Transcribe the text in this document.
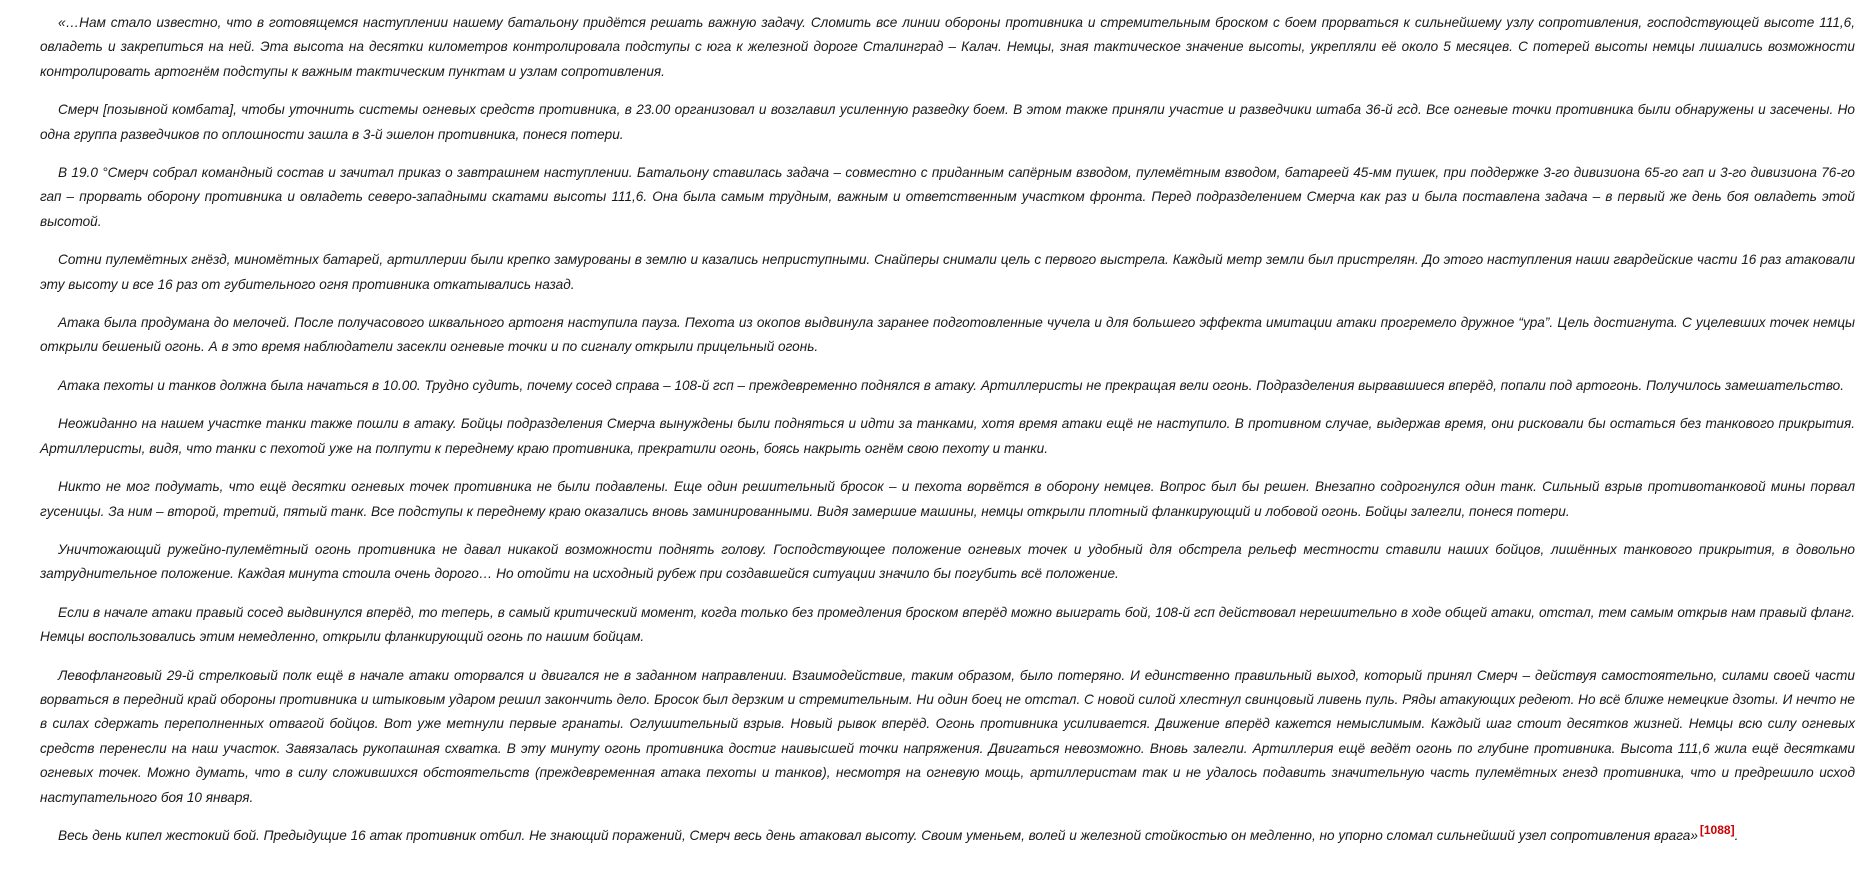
«…Нам стало известно, что в готовящемся наступлении нашему батальону придётся решать важную задачу. Сломить все линии обороны противника и стремительным броском с боем прорваться к сильнейшему узлу сопротивления, господствующей высоте 111,6, овладеть и закрепиться на ней. Эта высота на десятки километров контролировала подступы с юга к железной дороге Сталинград – Калач. Немцы, зная тактическое значение высоты, укрепляли её около 5 месяцев. С потерей высоты немцы лишались возможности контролировать артогнём подступы к важным тактическим пунктам и узлам сопротивления.

Смерч [позывной комбата], чтобы уточнить системы огневых средств противника, в 23.00 организовал и возглавил усиленную разведку боем. В этом также приняли участие и разведчики штаба 36-й гсд. Все огневые точки противника были обнаружены и засечены. Но одна группа разведчиков по оплошности зашла в 3-й эшелон противника, понеся потери.

В 19.0 °Смерч собрал командный состав и зачитал приказ о завтрашнем наступлении. Батальону ставилась задача – совместно с приданным сапёрным взводом, пулемётным взводом, батареей 45-мм пушек, при поддержке 3-го дивизиона 65-го гап и 3-го дивизиона 76-го гап – прорвать оборону противника и овладеть северо-западными скатами высоты 111,6. Она была самым трудным, важным и ответственным участком фронта. Перед подразделением Смерча как раз и была поставлена задача – в первый же день боя овладеть этой высотой.

Сотни пулемётных гнёзд, миномётных батарей, артиллерии были крепко замурованы в землю и казались неприступными. Снайперы снимали цель с первого выстрела. Каждый метр земли был пристрелян. До этого наступления наши гвардейские части 16 раз атаковали эту высоту и все 16 раз от губительного огня противника откатывались назад.

Атака была продумана до мелочей. После получасового шквального артогня наступила пауза. Пехота из окопов выдвинула заранее подготовленные чучела и для большего эффекта имитации атаки прогремело дружное “ура”. Цель достигнута. С уцелевших точек немцы открыли бешеный огонь. А в это время наблюдатели засекли огневые точки и по сигналу открыли прицельный огонь.

Атака пехоты и танков должна была начаться в 10.00. Трудно судить, почему сосед справа – 108-й гсп – преждевременно поднялся в атаку. Артиллеристы не прекращая вели огонь. Подразделения вырвавшиеся вперёд, попали под артогонь. Получилось замешательство.

Неожиданно на нашем участке танки также пошли в атаку. Бойцы подразделения Смерча вынуждены были подняться и идти за танками, хотя время атаки ещё не наступило. В противном случае, выдержав время, они рисковали бы остаться без танкового прикрытия. Артиллеристы, видя, что танки с пехотой уже на полпути к переднему краю противника, прекратили огонь, боясь накрыть огнём свою пехоту и танки.

Никто не мог подумать, что ещё десятки огневых точек противника не были подавлены. Еще один решительный бросок – и пехота ворвётся в оборону немцев. Вопрос был бы решен. Внезапно содрогнулся один танк. Сильный взрыв противотанковой мины порвал гусеницы. За ним – второй, третий, пятый танк. Все подступы к переднему краю оказались вновь заминированными. Видя замершие машины, немцы открыли плотный фланкирующий и лобовой огонь. Бойцы залегли, понеся потери.

Уничтожающий ружейно-пулемётный огонь противника не давал никакой возможности поднять голову. Господствующее положение огневых точек и удобный для обстрела рельеф местности ставили наших бойцов, лишённых танкового прикрытия, в довольно затруднительное положение. Каждая минута стоила очень дорого… Но отойти на исходный рубеж при создавшейся ситуации значило бы погубить всё положение.

Если в начале атаки правый сосед выдвинулся вперёд, то теперь, в самый критический момент, когда только без промедления броском вперёд можно выиграть бой, 108-й гсп действовал нерешительно в ходе общей атаки, отстал, тем самым открыв нам правый фланг. Немцы воспользовались этим немедленно, открыли фланкирующий огонь по нашим бойцам.

Левофланговый 29-й стрелковый полк ещё в начале атаки оторвался и двигался не в заданном направлении. Взаимодействие, таким образом, было потеряно. И единственно правильный выход, который принял Смерч – действуя самостоятельно, силами своей части ворваться в передний край обороны противника и штыковым ударом решил закончить дело. Бросок был дерзким и стремительным. Ни один боец не отстал. С новой силой хлестнул свинцовый ливень пуль. Ряды атакующих редеют. Но всё ближе немецкие дзоты. И нечто не в силах сдержать переполненных отвагой бойцов. Вот уже метнули первые гранаты. Оглушительный взрыв. Новый рывок вперёд. Огонь противника усиливается. Движение вперёд кажется немыслимым. Каждый шаг стоит десятков жизней. Немцы всю силу огневых средств перенесли на наш участок. Завязалась рукопашная схватка. В эту минуту огонь противника достиг наивысшей точки напряжения. Двигаться невозможно. Вновь залегли. Артиллерия ещё ведёт огонь по глубине противника. Высота 111,6 жила ещё десятками огневых точек. Можно думать, что в силу сложившихся обстоятельств (преждевременная атака пехоты и танков), несмотря на огневую мощь, артиллеристам так и не удалось подавить значительную часть пулемётных гнезд противника, что и предрешило исход наступательного боя 10 января.

Весь день кипел жестокий бой. Предыдущие 16 атак противник отбил. Не знающий поражений, Смерч весь день атаковал высоту. Своим уменьем, волей и железной стойкостью он медленно, но упорно сломал сильнейший узел сопротивления врага» [1088].
